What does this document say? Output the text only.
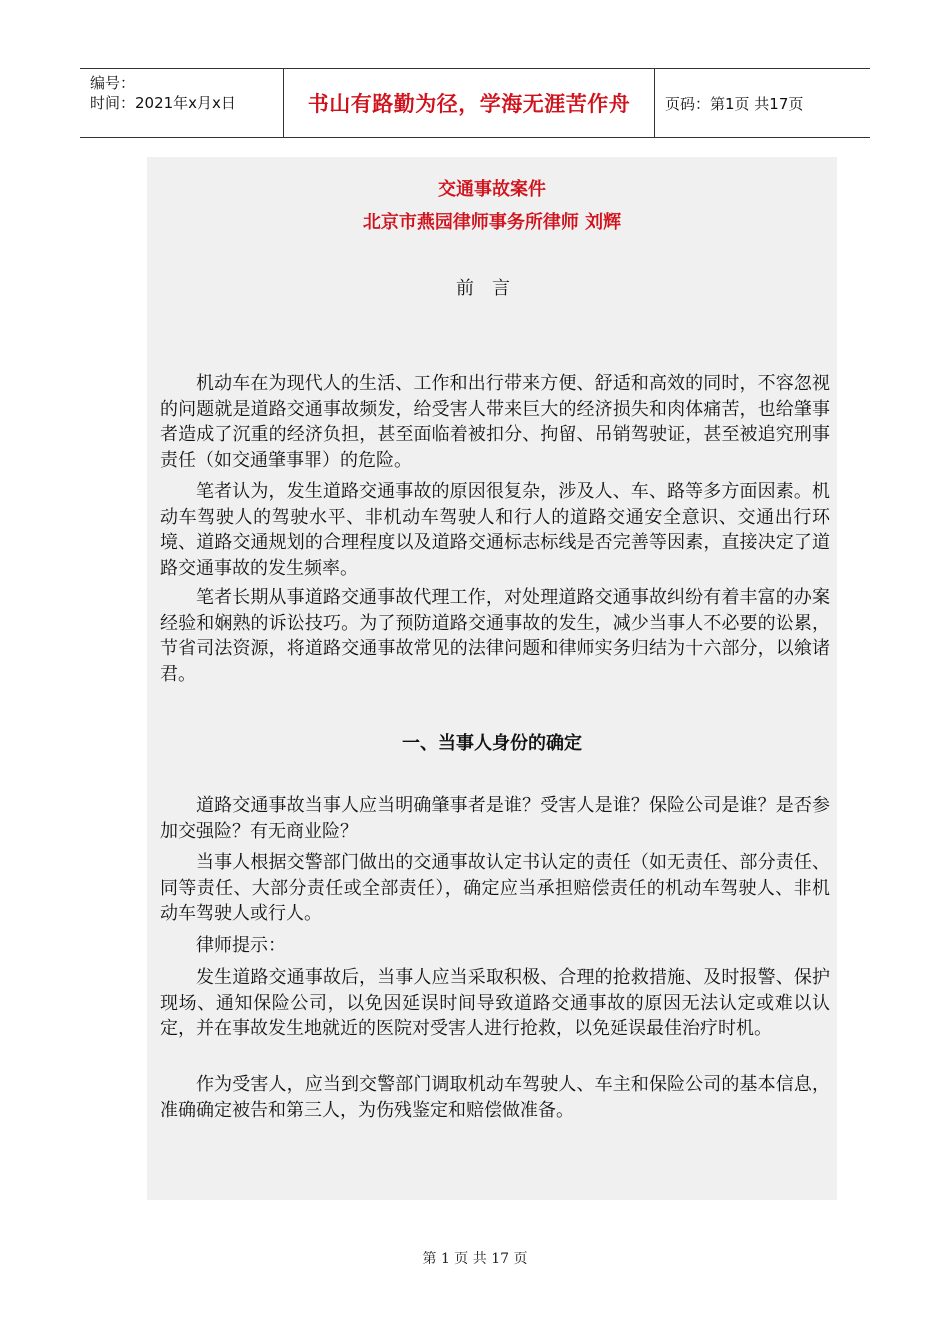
编号：
时间：2021年x月x日	书山有路勤为径，学海无涯苦作舟	页码：第1页 共17页
交通事故案件
北京市燕园律师事务所律师 刘辉
前言

机动车在为现代人的生活、工作和出行带来方便、舒适和高效的同时，不容忽视的问题就是道路交通事故频发，给受害人带来巨大的经济损失和肉体痛苦，也给肇事者造成了沉重的经济负担，甚至面临着被扣分、拘留、吊销驾驶证，甚至被追究刑事责任（如交通肇事罪）的危险。

笔者认为，发生道路交通事故的原因很复杂，涉及人、车、路等多方面因素。机动车驾驶人的驾驶水平、非机动车驾驶人和行人的道路交通安全意识、交通出行环境、道路交通规划的合理程度以及道路交通标志标线是否完善等因素，直接决定了道路交通事故的发生频率。

笔者长期从事道路交通事故代理工作，对处理道路交通事故纠纷有着丰富的办案经验和娴熟的诉讼技巧。为了预防道路交通事故的发生，减少当事人不必要的讼累，节省司法资源，将道路交通事故常见的法律问题和律师实务归结为十六部分，以飨诸君。

一、当事人身份的确定

道路交通事故当事人应当明确肇事者是谁？受害人是谁？保险公司是谁？是否参加交强险？有无商业险？

当事人根据交警部门做出的交通事故认定书认定的责任（如无责任、部分责任、同等责任、大部分责任或全部责任），确定应当承担赔偿责任的机动车驾驶人、非机动车驾驶人或行人。

律师提示：

发生道路交通事故后，当事人应当采取积极、合理的抢救措施、及时报警、保护现场、通知保险公司，以免因延误时间导致道路交通事故的原因无法认定或难以认定，并在事故发生地就近的医院对受害人进行抢救，以免延误最佳治疗时机。

作为受害人，应当到交警部门调取机动车驾驶人、车主和保险公司的基本信息，准确确定被告和第三人，为伤残鉴定和赔偿做准备。

第 1 页 共 17 页
